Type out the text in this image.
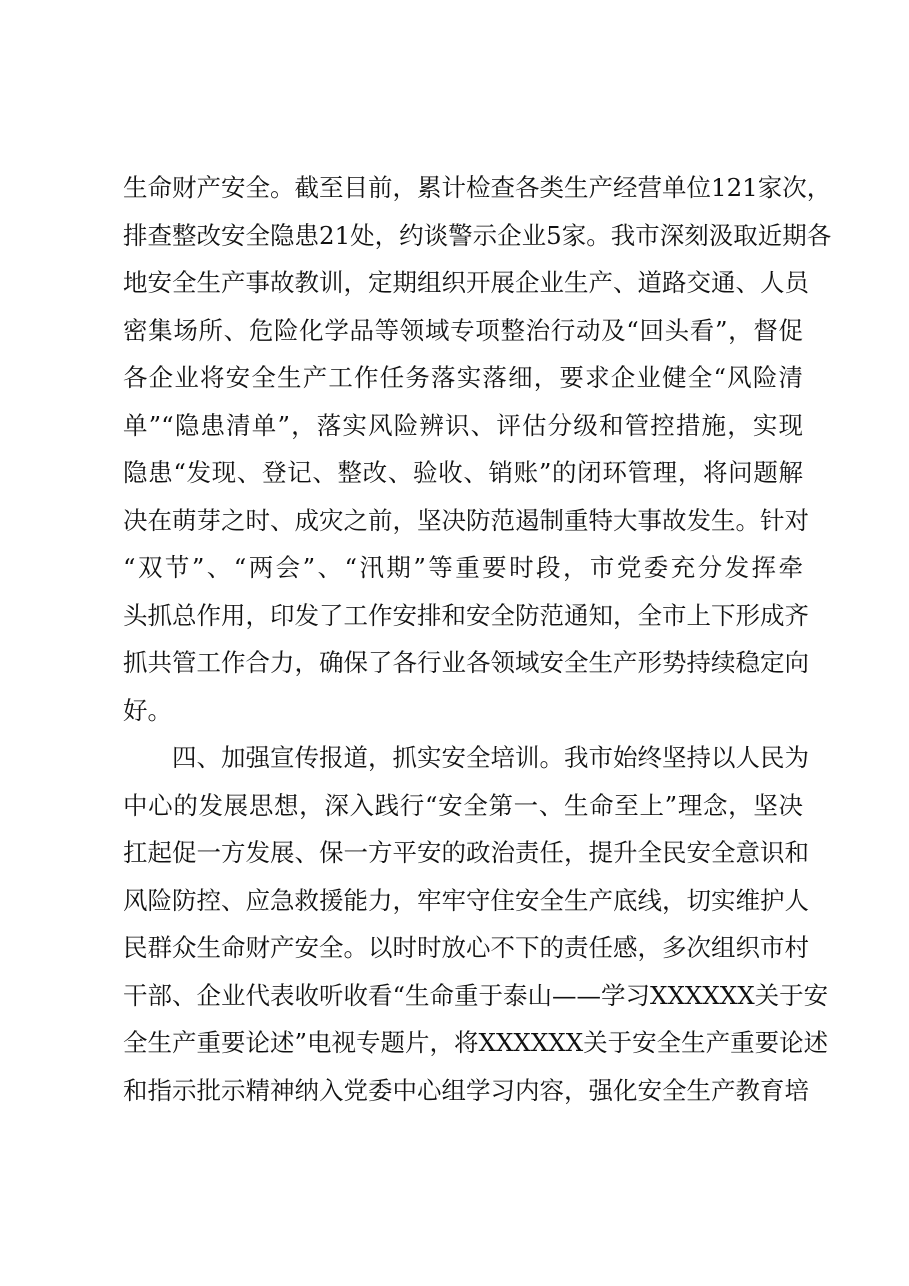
生命财产安全。截至目前，累计检查各类生产经营单位121家次，
排查整改安全隐患21处，约谈警示企业5家。我市深刻汲取近期各
地安全生产事故教训，定期组织开展企业生产、道路交通、人员
密集场所、危险化学品等领域专项整治行动及“回头看”，督促
各企业将安全生产工作任务落实落细，要求企业健全“风险清
单”“隐患清单”，落实风险辨识、评估分级和管控措施，实现
隐患“发现、登记、整改、验收、销账”的闭环管理，将问题解
决在萌芽之时、成灾之前，坚决防范遏制重特大事故发生。针对
“双节”、“两会”、“汛期”等重要时段，市党委充分发挥牵
头抓总作用，印发了工作安排和安全防范通知，全市上下形成齐
抓共管工作合力，确保了各行业各领域安全生产形势持续稳定向
好。
四、加强宣传报道，抓实安全培训。我市始终坚持以人民为
中心的发展思想，深入践行“安全第一、生命至上”理念，坚决
扛起促一方发展、保一方平安的政治责任，提升全民安全意识和
风险防控、应急救援能力，牢牢守住安全生产底线，切实维护人
民群众生命财产安全。以时时放心不下的责任感，多次组织市村
干部、企业代表收听收看“生命重于泰山——学习XXXXXX关于安
全生产重要论述”电视专题片，将XXXXXX关于安全生产重要论述
和指示批示精神纳入党委中心组学习内容，强化安全生产教育培
